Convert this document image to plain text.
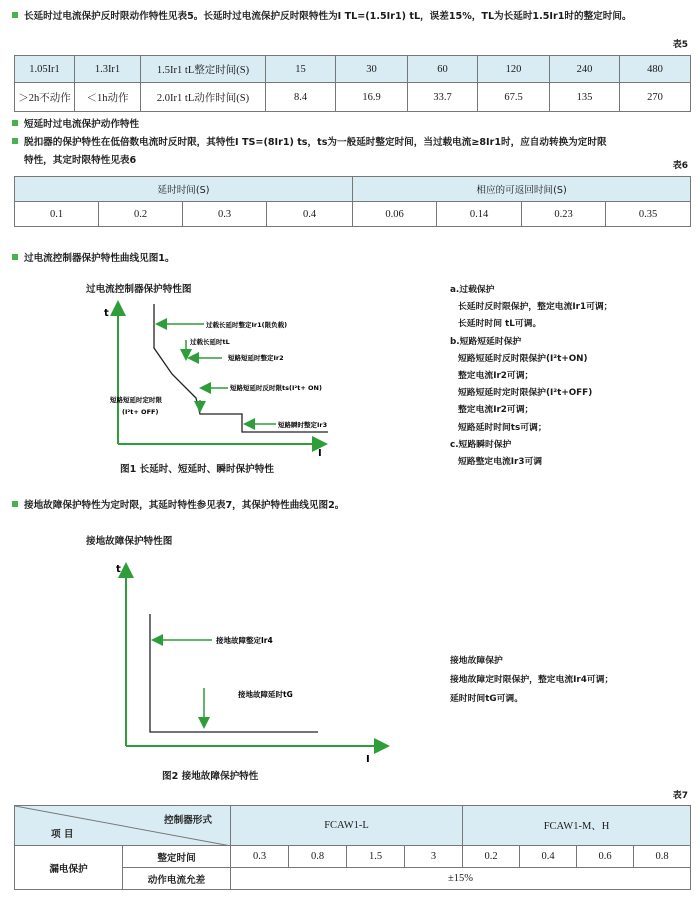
长延时过电流保护反时限动作特性见表5。长延时过电流保护反时限特性为I TL=(1.5Ir1) tL，误差15%，TL为长延时1.5Ir1时的整定时间。
表5
1.05Ir1	1.3Ir1	1.5Ir1 tL整定时间(S)	15	30	60	120	240	480
＞2h不动作	＜1h动作	2.0Ir1 tL动作时间(S)	8.4	16.9	33.7	67.5	135	270
短延时过电流保护动作特性
脱扣器的保护特性在低倍数电流时反时限，其特性I TS=(8Ir1) ts，ts为一般延时整定时间，当过载电流≥8Ir1时，应自动转换为定时限
特性，其定时限特性见表6	表6
延时时间(S)				相应的可返回时间(S)			
0.1	0.2	0.3	0.4	0.06	0.14	0.23	0.35
过电流控制器保护特性曲线见图1。
过电流控制器保护特性图
t
I
过载长延时整定Ir1(限负载)
过载长延时tL
短路短延时整定Ir2
短路短延时反时限ts(I²t+ ON)
短路短延时定时限
(I²t+ OFF)
短路瞬时整定Ir3
图1 长延时、短延时、瞬时保护特性
a.过载保护
长延时反时限保护，整定电流Ir1可调；
长延时时间 tL可调。
b.短路短延时保护
短路短延时反时限保护(I²t+ON)
整定电流Ir2可调；
短路短延时定时限保护(I²t+OFF)
整定电流Ir2可调；
短路延时时间ts可调；
c.短路瞬时保护
短路整定电流Ir3可调
接地故障保护特性为定时限，其延时特性参见表7，其保护特性曲线见图2。
接地故障保护特性图
t
I
接地故障整定Ir4
接地故障延时tG
图2 接地故障保护特性
接地故障保护
接地故障定时限保护，整定电流Ir4可调；
延时时间tG可调。
表7
控制器形式
项 目		FCAW1-L				FCAW1-M、H			
漏电保护	整定时间	0.3	0.8	1.5	3	0.2	0.4	0.6	0.8
	动作电流允差	±15%							
